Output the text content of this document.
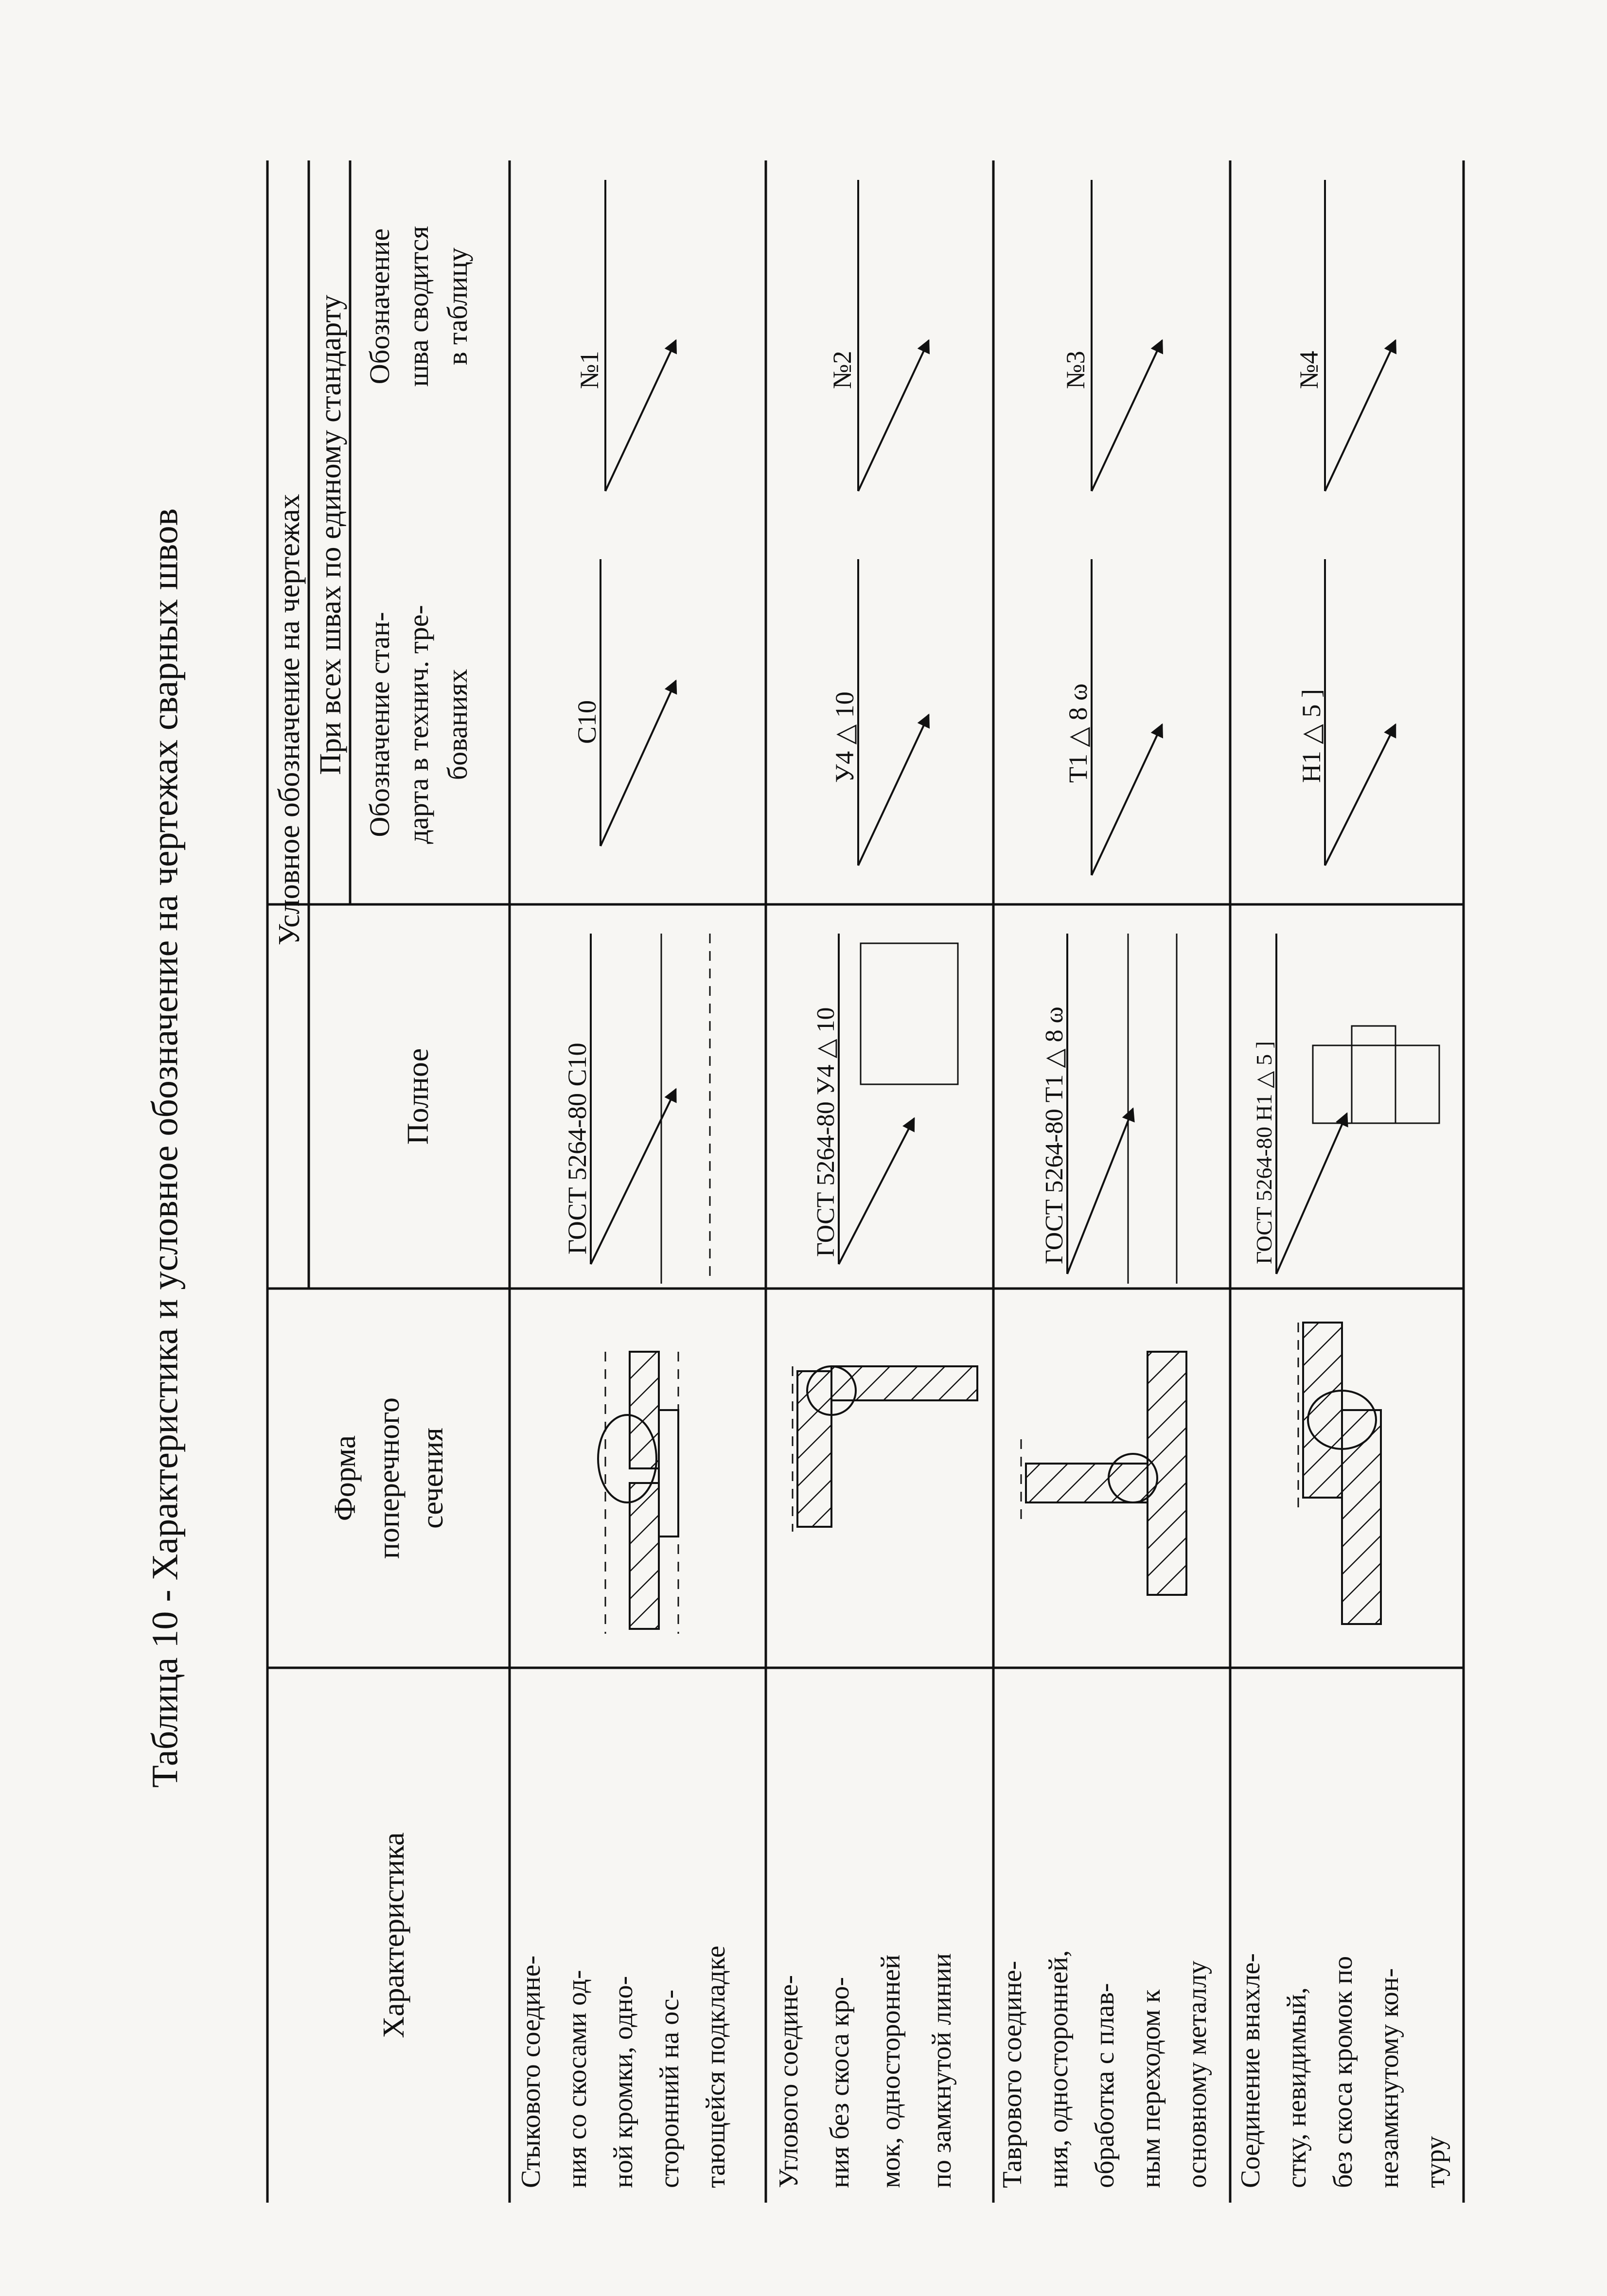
Таблица 10 - Характеристика и условное обозначение на чертежах сварных швов
Характеристика
Форма поперечного сечения
Условное обозначение на чертежах
Полное
При всех швах по единому стандарту Обозначение стан- дарта в технич. тре- бованиях
Обозначение шва сводится в таблицу
Стыкового соедине- ния со скосами од- ной кромки, одно- сторонний на ос- тающейся подкладке
ГОСТ 5264-80 С10
С10
№1
Углового соедине- ния без скоса кро- мок, односторонней по замкнутой линии
ГОСТ 5264-80 У4 △ 10
У4 △ 10
№2
Таврового соедине- ния, односторонней, обработка с плав- ным переходом к основному металлу
ГОСТ 5264-80 Т1 △ 8 ω
Т1 △ 8 ω
№3
Соединение внахле- стку, невидимый, без скоса кромок по незамкнутому кон- туру
ГОСТ 5264-80 Н1 △ 5 ]
Н1 △ 5 ]
№4
